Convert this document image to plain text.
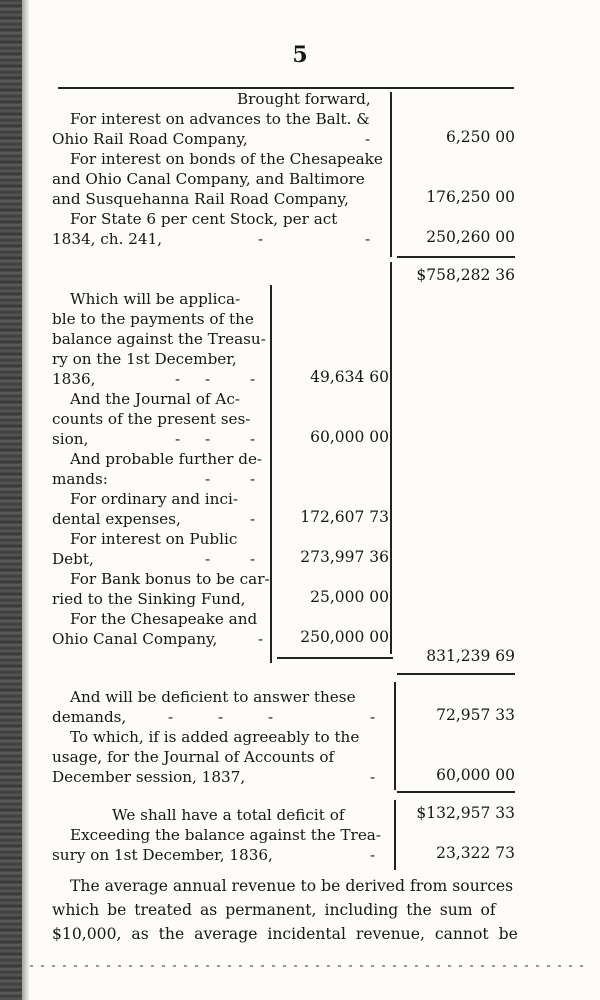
5
Brought forward,
For interest on advances to the Balt. &
Ohio Rail Road Company,	-	6,250 00
For interest on bonds of the Chesapeake
and Ohio Canal Company, and Baltimore
and Susquehanna Rail Road Company,	176,250 00
For State 6 per cent Stock, per act
1834, ch. 241,	-	-	250,260 00
$758,282 36
Which will be applica-
ble to the payments of the
balance against the Treasu-
ry on the 1st December,
1836,	- -	-	49,634 60
And the Journal of Ac-
counts of the present ses-
sion,	- -	-	60,000 00
And probable further de-
mands:	-	-
For ordinary and inci-
dental expenses,	-	172,607 73
For interest on Public
Debt,	-	-	273,997 36
For Bank bonus to be car-
ried to the Sinking Fund,	25,000 00
For the Chesapeake and
Ohio Canal Company,	-	250,000 00
831,239 69
And will be deficient to answer these
demands,	-	-	-	-	72,957 33
To which, if is added agreeably to the
usage, for the Journal of Accounts of
December session, 1837,	-	60,000 00
We shall have a total deficit of	$132,957 33
Exceeding the balance against the Trea-
sury on 1st December, 1836,	-	23,322 73
The average annual revenue to be derived from sources
which be treated as permanent, including the sum of
$10,000, as the average incidental revenue, cannot be
